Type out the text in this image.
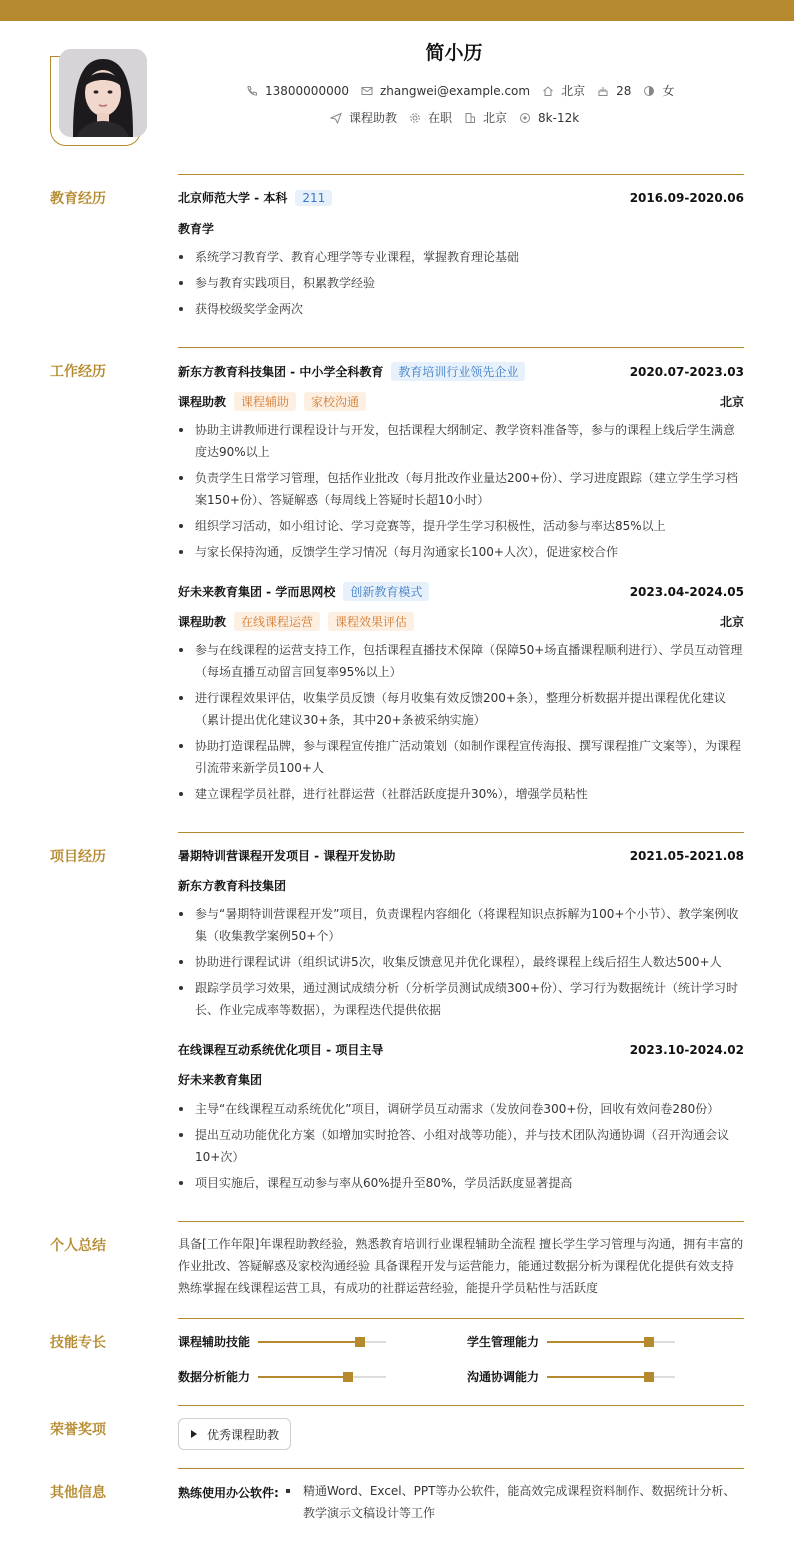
简小历
13800000000	zhangwei@example.com	北京	28	女
课程助教	在职	北京	8k-12k
教育经历	北京师范大学 - 本科	211	2016.09-2020.06
教育学
系统学习教育学、教育心理学等专业课程，掌握教育理论基础
参与教育实践项目，积累教学经验
获得校级奖学金两次
工作经历	新东方教育科技集团 - 中小学全科教育	教育培训行业领先企业	2020.07-2023.03
课程助教	课程辅助	家校沟通	北京
协助主讲教师进行课程设计与开发，包括课程大纲制定、教学资料准备等，参与的课程上线后学生满意度达90%以上
负责学生日常学习管理，包括作业批改（每月批改作业量达200+份）、学习进度跟踪（建立学生学习档案150+份）、答疑解惑（每周线上答疑时长超10小时）
组织学习活动，如小组讨论、学习竞赛等，提升学生学习积极性，活动参与率达85%以上
与家长保持沟通，反馈学生学习情况（每月沟通家长100+人次），促进家校合作
好未来教育集团 - 学而思网校	创新教育模式	2023.04-2024.05
课程助教	在线课程运营	课程效果评估	北京
参与在线课程的运营支持工作，包括课程直播技术保障（保障50+场直播课程顺利进行）、学员互动管理（每场直播互动留言回复率95%以上）
进行课程效果评估，收集学员反馈（每月收集有效反馈200+条），整理分析数据并提出课程优化建议（累计提出优化建议30+条，其中20+条被采纳实施）
协助打造课程品牌，参与课程宣传推广活动策划（如制作课程宣传海报、撰写课程推广文案等），为课程引流带来新学员100+人
建立课程学员社群，进行社群运营（社群活跃度提升30%），增强学员粘性
项目经历	暑期特训营课程开发项目 - 课程开发协助	2021.05-2021.08
新东方教育科技集团
参与“暑期特训营课程开发”项目，负责课程内容细化（将课程知识点拆解为100+个小节）、教学案例收集（收集教学案例50+个）
协助进行课程试讲（组织试讲5次，收集反馈意见并优化课程），最终课程上线后招生人数达500+人
跟踪学员学习效果，通过测试成绩分析（分析学员测试成绩300+份）、学习行为数据统计（统计学习时长、作业完成率等数据），为课程迭代提供依据
在线课程互动系统优化项目 - 项目主导	2023.10-2024.02
好未来教育集团
主导“在线课程互动系统优化”项目，调研学员互动需求（发放问卷300+份，回收有效问卷280份）
提出互动功能优化方案（如增加实时抢答、小组对战等功能），并与技术团队沟通协调（召开沟通会议10+次）
项目实施后，课程互动参与率从60%提升至80%，学员活跃度显著提高
个人总结	具备[工作年限]年课程助教经验，熟悉教育培训行业课程辅助全流程 擅长学生学习管理与沟通，拥有丰富的作业批改、答疑解惑及家校沟通经验 具备课程开发与运营能力，能通过数据分析为课程优化提供有效支持 熟练掌握在线课程运营工具，有成功的社群运营经验，能提升学员粘性与活跃度
技能专长	课程辅助技能	学生管理能力
数据分析能力	沟通协调能力
荣誉奖项	优秀课程助教
其他信息	熟练使用办公软件:	精通Word、Excel、PPT等办公软件，能高效完成课程资料制作、数据统计分析、教学演示文稿设计等工作
